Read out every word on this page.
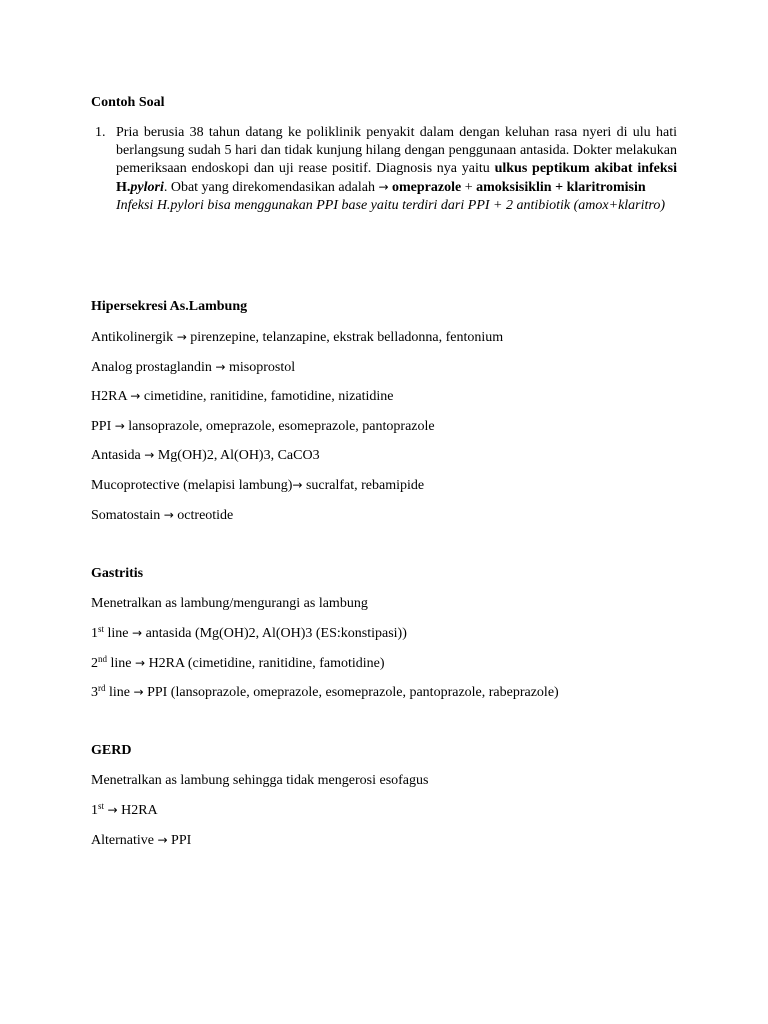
Contoh Soal
1. Pria berusia 38 tahun datang ke poliklinik penyakit dalam dengan keluhan rasa nyeri di ulu hati berlangsung sudah 5 hari dan tidak kunjung hilang dengan penggunaan antasida. Dokter melakukan pemeriksaan endoskopi dan uji rease positif. Diagnosis nya yaitu ulkus peptikum akibat infeksi H.pylori. Obat yang direkomendasikan adalah → omeprazole + amoksisiklin + klaritromisin

Infeksi H.pylori bisa menggunakan PPI base yaitu terdiri dari PPI + 2 antibiotik (amox+klaritro)

Hipersekresi As.Lambung
Antikolinergik → pirenzepine, telanzapine, ekstrak belladonna, fentonium
Analog prostaglandin → misoprostol
H2RA → cimetidine, ranitidine, famotidine, nizatidine
PPI → lansoprazole, omeprazole, esomeprazole, pantoprazole
Antasida → Mg(OH)2, Al(OH)3, CaCO3
Mucoprotective (melapisi lambung)→ sucralfat, rebamipide
Somatostain → octreotide
Gastritis
Menetralkan as lambung/mengurangi as lambung
1st line → antasida (Mg(OH)2, Al(OH)3 (ES:konstipasi))
2nd line → H2RA (cimetidine, ranitidine, famotidine)
3rd line → PPI (lansoprazole, omeprazole, esomeprazole, pantoprazole, rabeprazole)
GERD
Menetralkan as lambung sehingga tidak mengerosi esofagus
1st → H2RA
Alternative → PPI
